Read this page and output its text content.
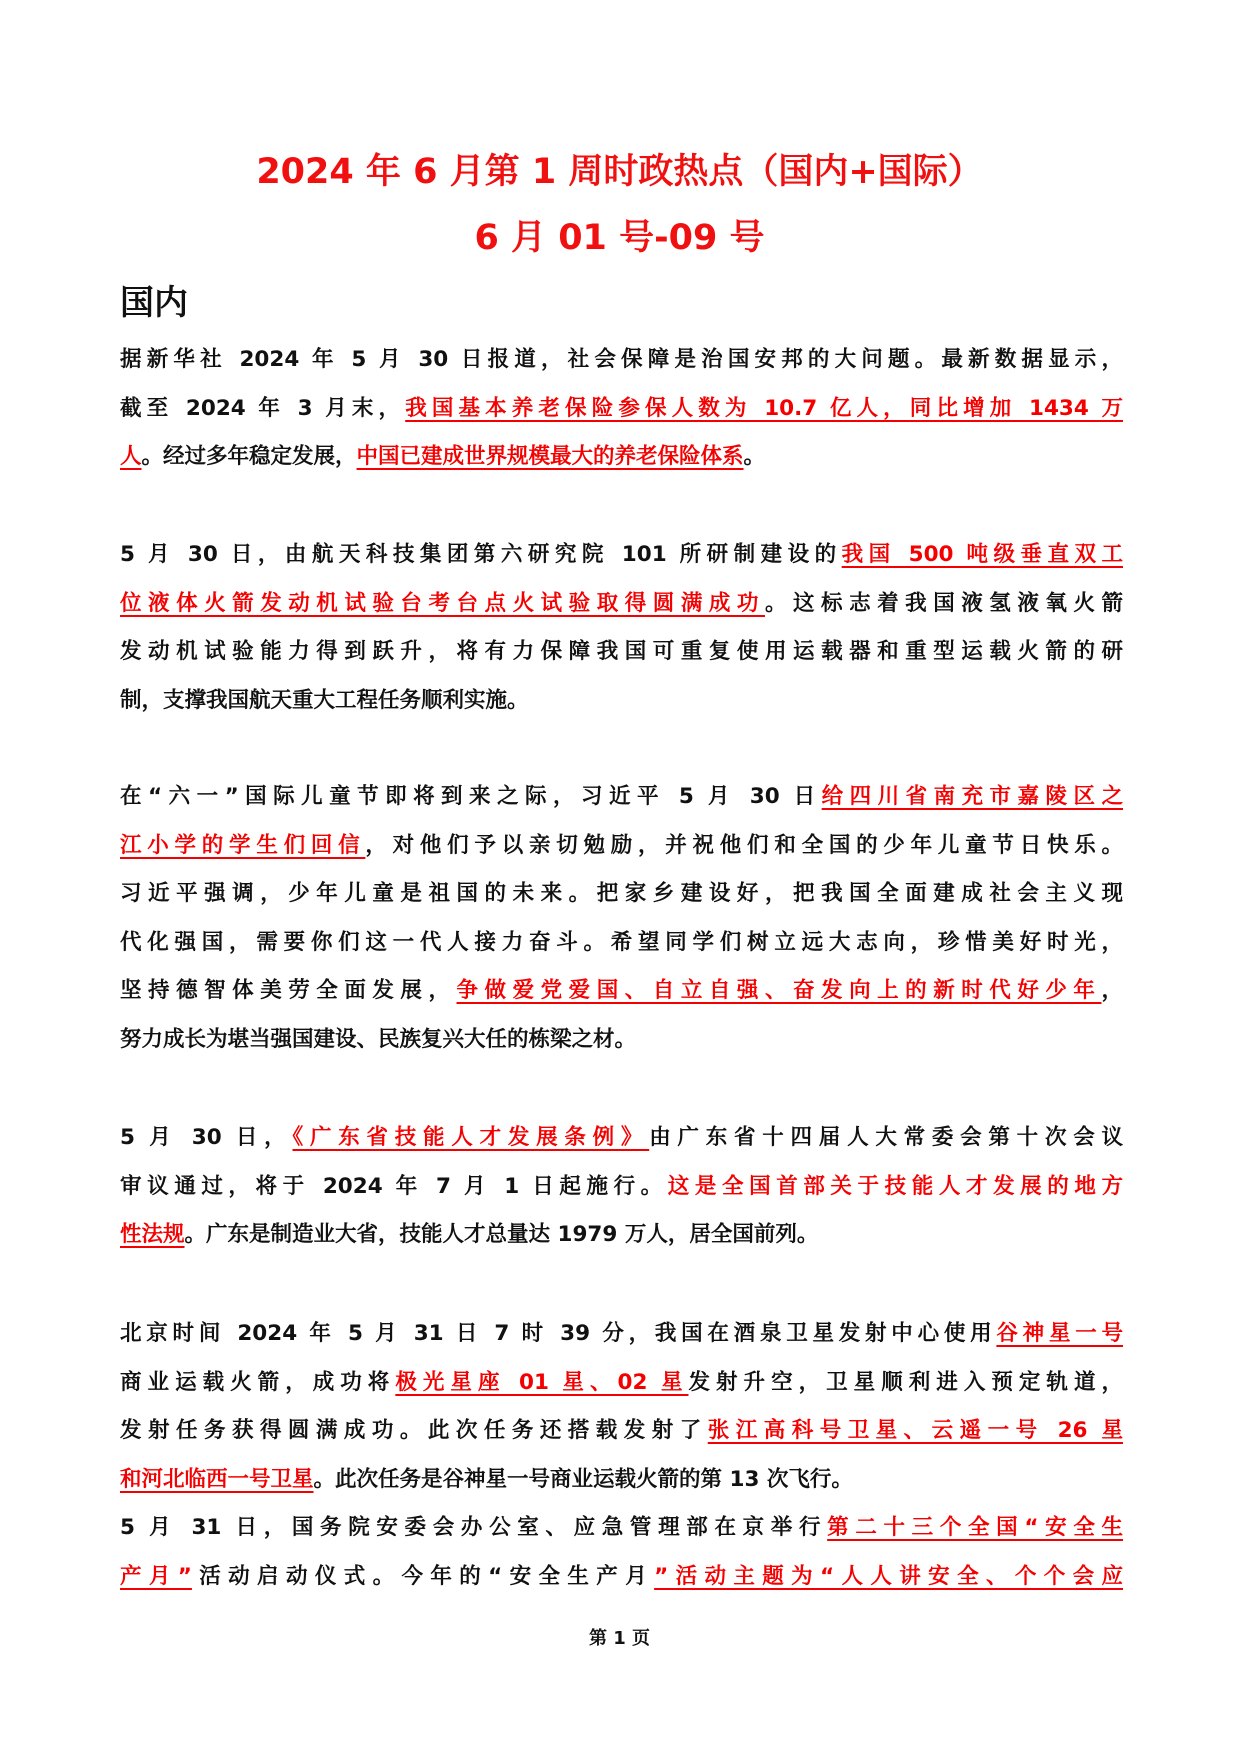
2024 年 6 月第 1 周时政热点（国内+国际）
6 月 01 号-09 号
国内
据新华社 2024 年 5 月 30 日报道，社会保障是治国安邦的大问题。最新数据显示，
截至 2024 年 3 月末，我国基本养老保险参保人数为 10.7 亿人，同比增加 1434 万
人。经过多年稳定发展，中国已建成世界规模最大的养老保险体系。
5 月 30 日，由航天科技集团第六研究院 101 所研制建设的我国 500 吨级垂直双工
位液体火箭发动机试验台考台点火试验取得圆满成功。这标志着我国液氢液氧火箭
发动机试验能力得到跃升，将有力保障我国可重复使用运载器和重型运载火箭的研
制，支撑我国航天重大工程任务顺利实施。
在“六一”国际儿童节即将到来之际，习近平 5 月 30 日给四川省南充市嘉陵区之
江小学的学生们回信，对他们予以亲切勉励，并祝他们和全国的少年儿童节日快乐。
习近平强调，少年儿童是祖国的未来。把家乡建设好，把我国全面建成社会主义现
代化强国，需要你们这一代人接力奋斗。希望同学们树立远大志向，珍惜美好时光，
坚持德智体美劳全面发展，争做爱党爱国、自立自强、奋发向上的新时代好少年，
努力成长为堪当强国建设、民族复兴大任的栋梁之材。
5 月 30 日，《广东省技能人才发展条例》由广东省十四届人大常委会第十次会议
审议通过，将于 2024 年 7 月 1 日起施行。这是全国首部关于技能人才发展的地方
性法规。广东是制造业大省，技能人才总量达 1979 万人，居全国前列。
北京时间 2024 年 5 月 31 日 7 时 39 分，我国在酒泉卫星发射中心使用谷神星一号
商业运载火箭，成功将极光星座 01 星、02 星发射升空，卫星顺利进入预定轨道，
发射任务获得圆满成功。此次任务还搭载发射了张江高科号卫星、云遥一号 26 星
和河北临西一号卫星。此次任务是谷神星一号商业运载火箭的第 13 次飞行。
5 月 31 日，国务院安委会办公室、应急管理部在京举行第二十三个全国“安全生
产月”活动启动仪式。今年的“安全生产月”活动主题为“人人讲安全、个个会应
第 1 页
